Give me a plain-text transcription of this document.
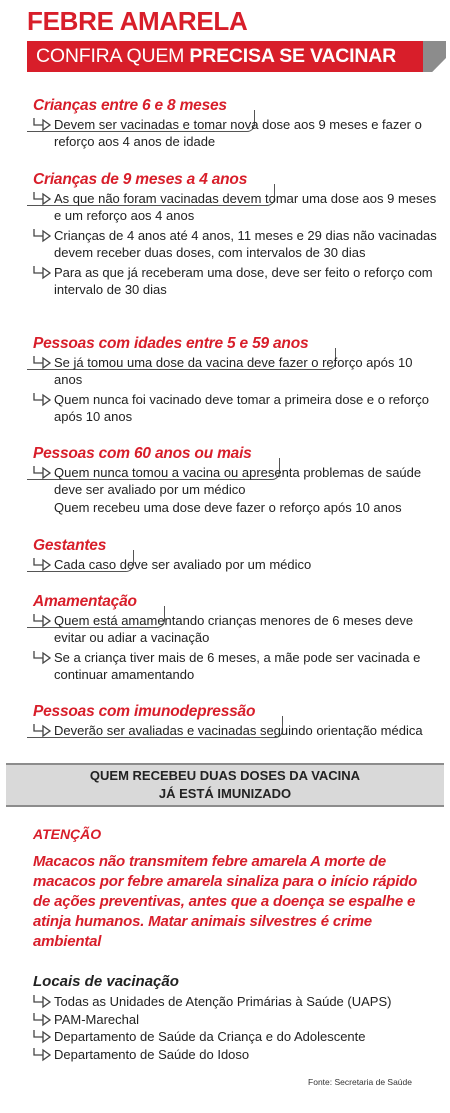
FEBRE AMARELA
CONFIRA QUEM PRECISA SE VACINAR
Crianças entre 6 e 8 meses
Devem ser vacinadas e tomar nova dose aos 9 meses e fazer o reforço aos 4 anos de idade
Crianças de 9 meses a 4 anos
As que não foram vacinadas devem tomar uma dose aos 9 meses e um reforço aos 4 anos
Crianças de 4 anos até 4 anos, 11 meses e 29 dias não vacinadas devem receber duas doses, com intervalos de 30 dias
Para as que já receberam uma dose, deve ser feito o reforço com intervalo de 30 dias
Pessoas com idades entre 5 e 59 anos
Se já tomou uma dose da vacina deve fazer o reforço após 10 anos
Quem nunca foi vacinado deve tomar a primeira dose e o reforço após 10 anos
Pessoas com 60 anos ou mais
Quem nunca tomou a vacina ou apresenta problemas de saúde deve ser avaliado por um médico
Quem recebeu uma dose deve fazer o reforço após 10 anos
Gestantes
Cada caso deve ser avaliado por um médico
Amamentação
Quem está amamentando crianças menores de 6 meses deve evitar ou adiar a vacinação
Se a criança tiver mais de 6 meses, a mãe pode ser vacinada e continuar amamentando
Pessoas com imunodepressão
Deverão ser avaliadas e vacinadas seguindo orientação médica
QUEM RECEBEU DUAS DOSES DA VACINA
JÁ ESTÁ IMUNIZADO
ATENÇÃO
Macacos não transmitem febre amarela A morte de macacos por febre amarela sinaliza para o início rápido de ações preventivas, antes que a doença se espalhe e atinja humanos. Matar animais silvestres é crime ambiental
Locais de vacinação
Todas as Unidades de Atenção Primárias à Saúde (UAPS)
PAM-Marechal
Departamento de Saúde da Criança e do Adolescente
Departamento de Saúde do Idoso
Fonte: Secretaria de Saúde
